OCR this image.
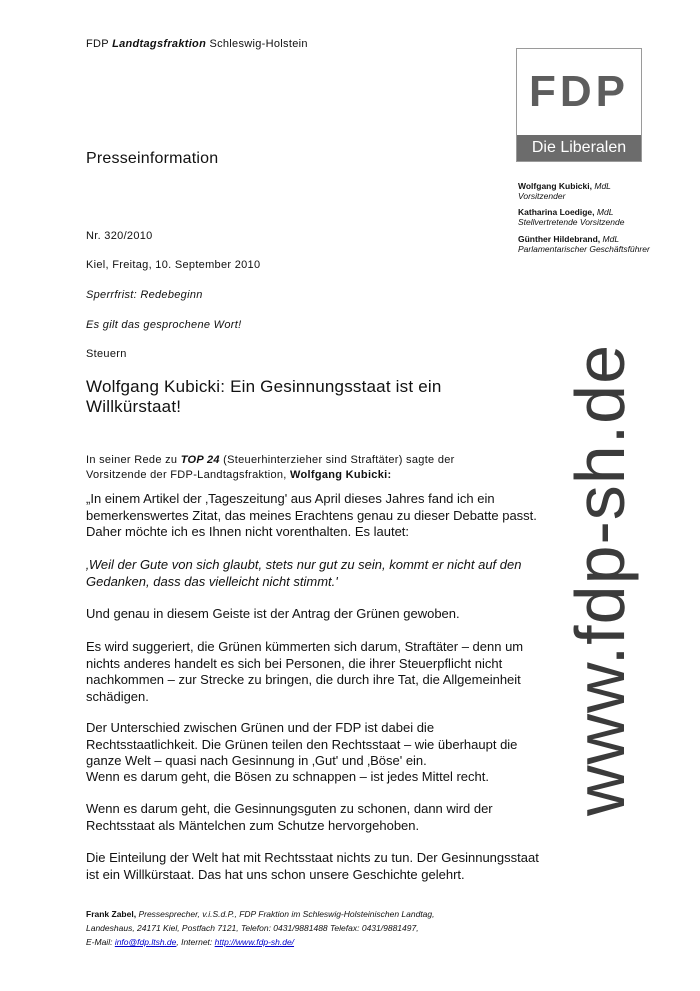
FDP Landtagsfraktion Schleswig-Holstein
FDP
Die Liberalen
Wolfgang Kubicki, MdL
Vorsitzender
Katharina Loedige, MdL
Stellvertretende Vorsitzende
Günther Hildebrand, MdL
Parlamentarischer Geschäftsführer
Presseinformation
Nr. 320/2010
Kiel, Freitag, 10. September 2010
Sperrfrist: Redebeginn
Es gilt das gesprochene Wort!
Steuern
Wolfgang Kubicki: Ein Gesinnungsstaat ist ein
Willkürstaat!
In seiner Rede zu TOP 24 (Steuerhinterzieher sind Straftäter) sagte der
Vorsitzende der FDP-Landtagsfraktion, Wolfgang Kubicki:
„In einem Artikel der ‚Tageszeitung' aus April dieses Jahres fand ich ein bemerkenswertes Zitat, das meines Erachtens genau zu dieser Debatte passt. Daher möchte ich es Ihnen nicht vorenthalten. Es lautet:
‚Weil der Gute von sich glaubt, stets nur gut zu sein, kommt er nicht auf den Gedanken, dass das vielleicht nicht stimmt.'
Und genau in diesem Geiste ist der Antrag der Grünen gewoben.
Es wird suggeriert, die Grünen kümmerten sich darum, Straftäter – denn um nichts anderes handelt es sich bei Personen, die ihrer Steuerpflicht nicht nachkommen – zur Strecke zu bringen, die durch ihre Tat, die Allgemeinheit schädigen.
Der Unterschied zwischen Grünen und der FDP ist dabei die Rechtsstaatlichkeit. Die Grünen teilen den Rechtsstaat – wie überhaupt die ganze Welt – quasi nach Gesinnung in ‚Gut' und ‚Böse' ein.
Wenn es darum geht, die Bösen zu schnappen – ist jedes Mittel recht.
Wenn es darum geht, die Gesinnungsguten zu schonen, dann wird der Rechtsstaat als Mäntelchen zum Schutze hervorgehoben.
Die Einteilung der Welt hat mit Rechtsstaat nichts zu tun. Der Gesinnungsstaat ist ein Willkürstaat. Das hat uns schon unsere Geschichte gelehrt.
www.fdp-sh.de
Frank Zabel, Pressesprecher, v.i.S.d.P., FDP Fraktion im Schleswig-Holsteinischen Landtag,
Landeshaus, 24171 Kiel, Postfach 7121, Telefon: 0431/9881488 Telefax: 0431/9881497,
E-Mail: info@fdp.ltsh.de, Internet: http://www.fdp-sh.de/
